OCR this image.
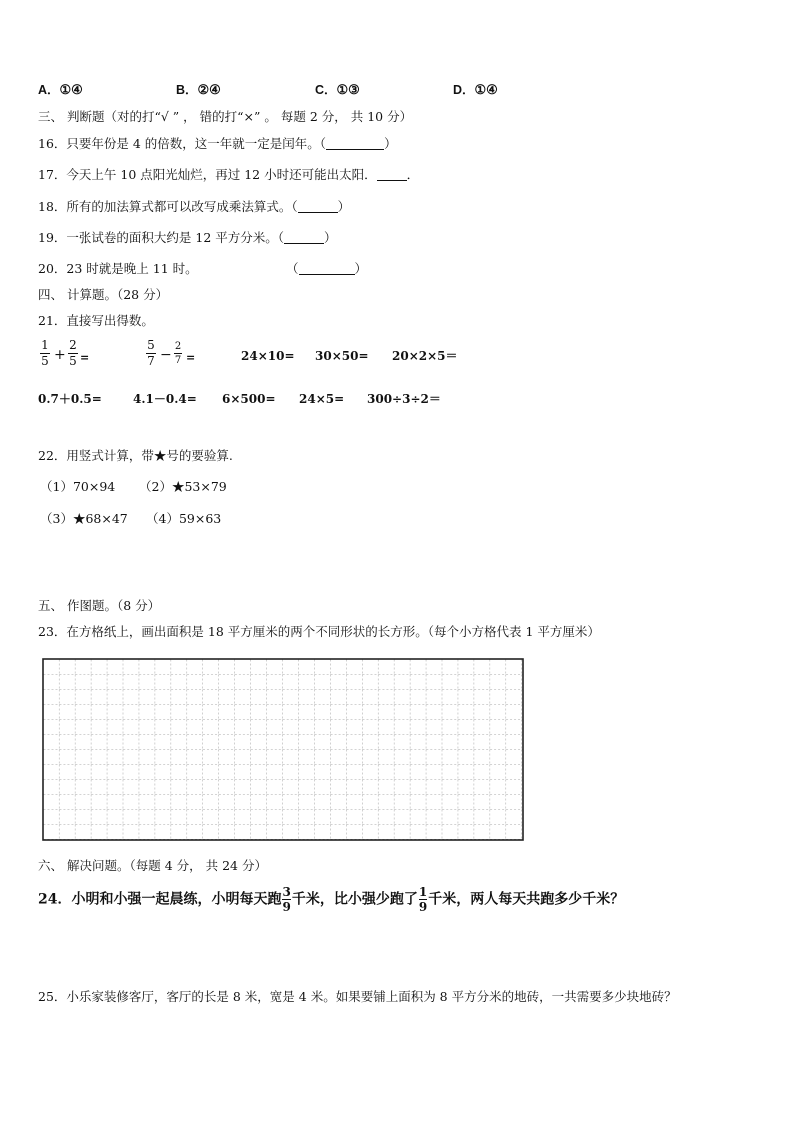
A．①④	B．②④	C．①③	D．①④
三、 判断题（对的打“√ ” ， 错的打“×” 。 每题 2 分， 共 10 分）
16．只要年份是 4 的倍数，这一年就一定是闰年。（	）
17．今天上午 10 点阳光灿烂，再过 12 小时还可能出太阳． ．
18．所有的加法算式都可以改写成乘法算式。（	）
19．一张试卷的面积大约是 12 平方分米。（	）
20．23 时就是晚上 11 时。	（	）
四、 计算题。（28 分）
21．直接写出得数。
1
5 +
2
5 =
5
7 −
2
7 =	24×10= 30×50= 20×2×5＝
0.7＋0.5=	4.1－0.4= 6×500= 24×5= 300÷3÷2＝
22．用竖式计算，带★号的要验算.
（1）70×94 （2）★53×79
（3）★68×47 （4）59×63
五、 作图题。（8 分）
23．在方格纸上，画出面积是 18 平方厘米的两个不同形状的长方形。（每个小方格代表 1 平方厘米）
六、 解决问题。（每题 4 分， 共 24 分）
24．小明和小强一起晨练，小明每天跑 $\frac{3}{9}$ 千米，比小强少跑了 $\frac{1}{9}$ 千米，两人每天共跑多少千米？
25．小乐家装修客厅，客厅的长是 8 米，宽是 4 米。如果要铺上面积为 8 平方分米的地砖，一共需要多少块地砖？
